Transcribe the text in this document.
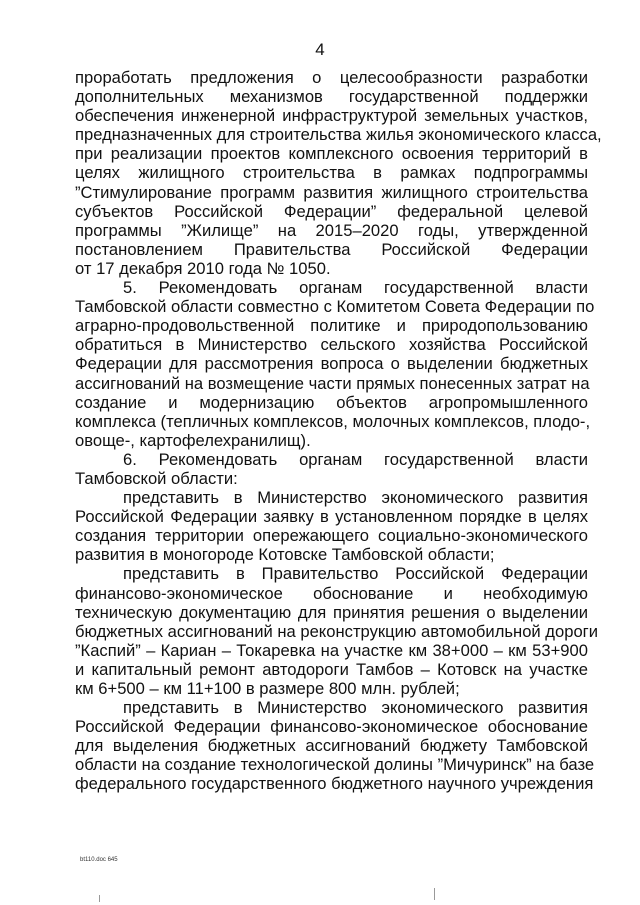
4
проработать предложения о целесообразности разработки
дополнительных механизмов государственной поддержки
обеспечения инженерной инфраструктурой земельных участков,
предназначенных для строительства жилья экономического класса,
при реализации проектов комплексного освоения территорий в
целях жилищного строительства в рамках подпрограммы
”Стимулирование программ развития жилищного строительства
субъектов Российской Федерации” федеральной целевой
программы ”Жилище” на 2015–2020 годы, утвержденной
постановлением Правительства Российской Федерации
от 17 декабря 2010 года № 1050.
5. Рекомендовать органам государственной власти
Тамбовской области совместно с Комитетом Совета Федерации по
аграрно-продовольственной политике и природопользованию
обратиться в Министерство сельского хозяйства Российской
Федерации для рассмотрения вопроса о выделении бюджетных
ассигнований на возмещение части прямых понесенных затрат на
создание и модернизацию объектов агропромышленного
комплекса (тепличных комплексов, молочных комплексов, плодо-,
овоще-, картофелехранилищ).
6. Рекомендовать органам государственной власти
Тамбовской области:
представить в Министерство экономического развития
Российской Федерации заявку в установленном порядке в целях
создания территории опережающего социально-экономического
развития в моногороде Котовске Тамбовской области;
представить в Правительство Российской Федерации
финансово-экономическое обоснование и необходимую
техническую документацию для принятия решения о выделении
бюджетных ассигнований на реконструкцию автомобильной дороги
”Каспий” – Кариан – Токаревка на участке км 38+000 – км 53+900
и капитальный ремонт автодороги Тамбов – Котовск на участке
км 6+500 – км 11+100 в размере 800 млн. рублей;
представить в Министерство экономического развития
Российской Федерации финансово-экономическое обоснование
для выделения бюджетных ассигнований бюджету Тамбовской
области на создание технологической долины ”Мичуринск” на базе
федерального государственного бюджетного научного учреждения
bt110.doc 645
